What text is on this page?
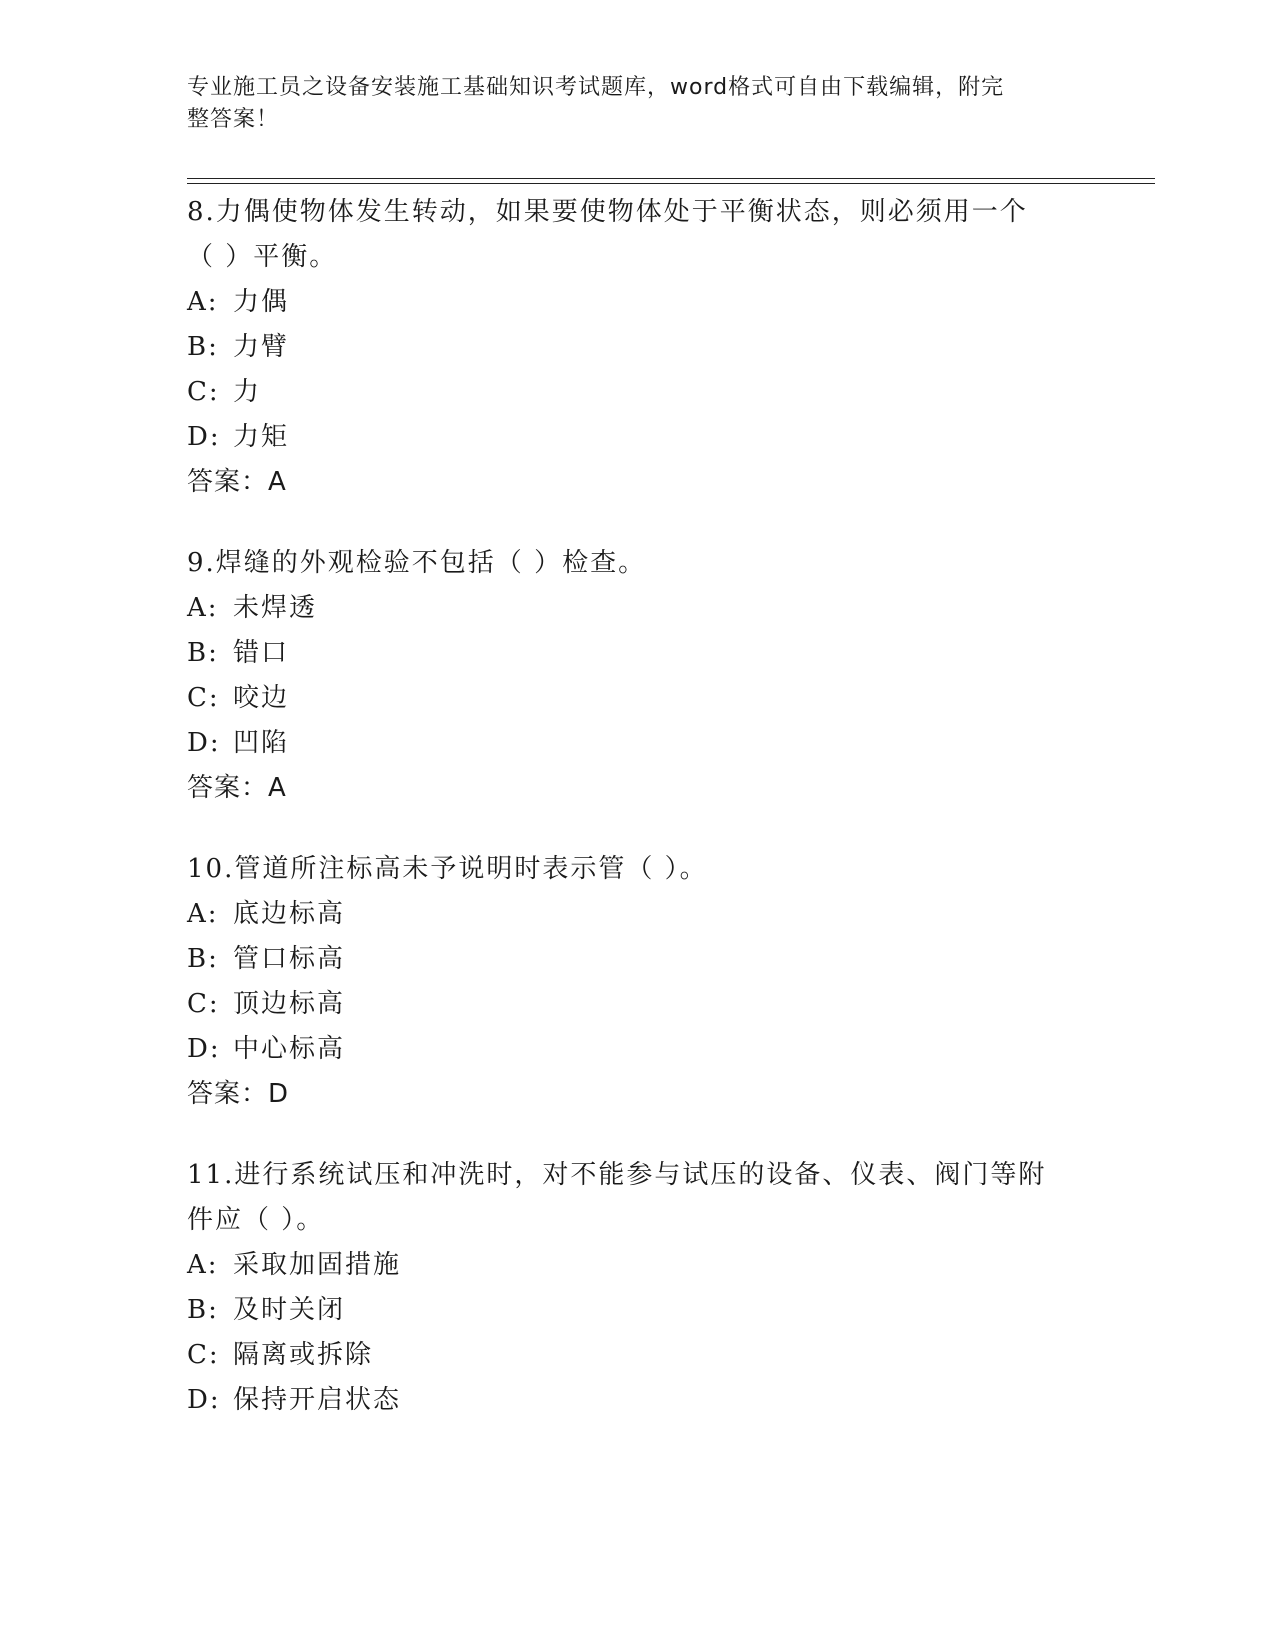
专业施工员之设备安装施工基础知识考试题库，word格式可自由下载编辑，附完
整答案！

8.力偶使物体发生转动，如果要使物体处于平衡状态，则必须用一个
（ ）平衡。

A: 力偶

B: 力臂

C: 力

D: 力矩

答案：A

9.焊缝的外观检验不包括（ ）检查。

A: 未焊透

B: 错口

C: 咬边

D: 凹陷

答案：A

10.管道所注标高未予说明时表示管（ ）。

A: 底边标高

B: 管口标高

C: 顶边标高

D: 中心标高

答案：D

11.进行系统试压和冲洗时，对不能参与试压的设备、仪表、阀门等附
件应（ ）。

A: 采取加固措施

B: 及时关闭

C: 隔离或拆除

D: 保持开启状态
